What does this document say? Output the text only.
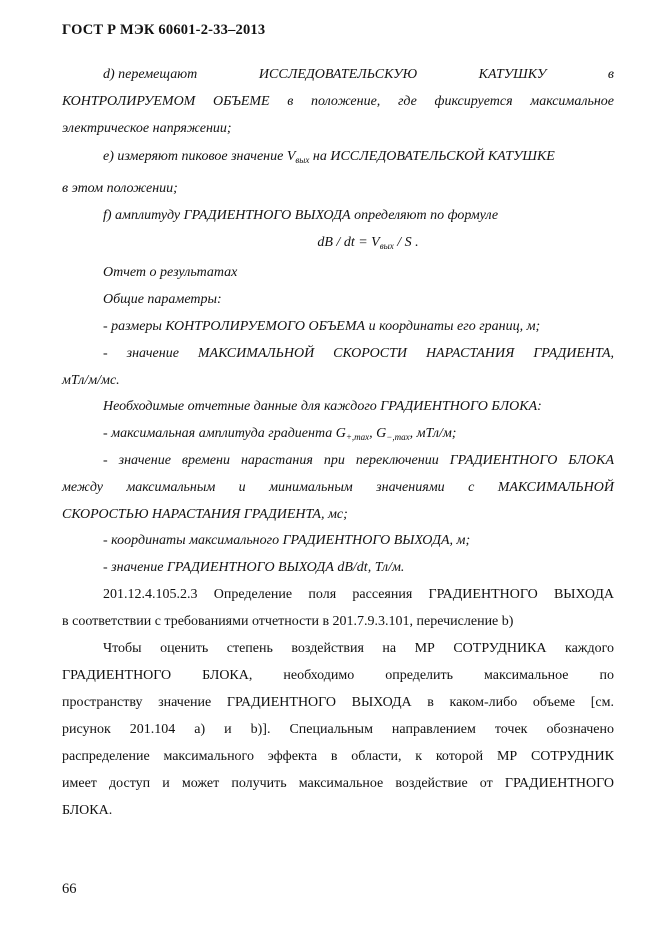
ГОСТ Р МЭК 60601-2-33–2013
d) перемещают	ИССЛЕДОВАТЕЛЬСКУЮ	КАТУШКУ	в
КОНТРОЛИРУЕМОМ ОБЪЕМЕ в положение, где фиксируется максимальное
электрическое напряжении;
e) измеряют пиковое значение $V_{вых}$ на ИССЛЕДОВАТЕЛЬСКОЙ КАТУШКЕ
в этом положении;
f) амплитуду ГРАДИЕНТНОГО ВЫХОДА определяют по формуле
dB / dt = $V_{вых}$ / S .
Отчет о результатах
Общие параметры:
- размеры КОНТРОЛИРУЕМОГО ОБЪЕМА и координаты его границ, м;
- значение МАКСИМАЛЬНОЙ СКОРОСТИ НАРАСТАНИЯ ГРАДИЕНТА,
мТл/м/мс.
Необходимые отчетные данные для каждого ГРАДИЕНТНОГО БЛОКА:
- максимальная амплитуда градиента $G_{+,max}$, $G_{-,max}$, мТл/м;
- значение времени нарастания при переключении ГРАДИЕНТНОГО БЛОКА
между максимальным и минимальным значениями с МАКСИМАЛЬНОЙ
СКОРОСТЬЮ НАРАСТАНИЯ ГРАДИЕНТА, мс;
- координаты максимального ГРАДИЕНТНОГО ВЫХОДА, м;
- значение ГРАДИЕНТНОГО ВЫХОДА dB/dt, Тл/м.
201.12.4.105.2.3 Определение поля рассеяния ГРАДИЕНТНОГО ВЫХОДА
в соответствии с требованиями отчетности в 201.7.9.3.101, перечисление b)
Чтобы оценить степень воздействия на МР СОТРУДНИКА каждого
ГРАДИЕНТНОГО БЛОКА, необходимо определить максимальное по
пространству значение ГРАДИЕНТНОГО ВЫХОДА в каком-либо объеме [см.
рисунок 201.104 a) и b)]. Специальным направлением точек обозначено
распределение максимального эффекта в области, к которой МР СОТРУДНИК
имеет доступ и может получить максимальное воздействие от ГРАДИЕНТНОГО
БЛОКА.
66
